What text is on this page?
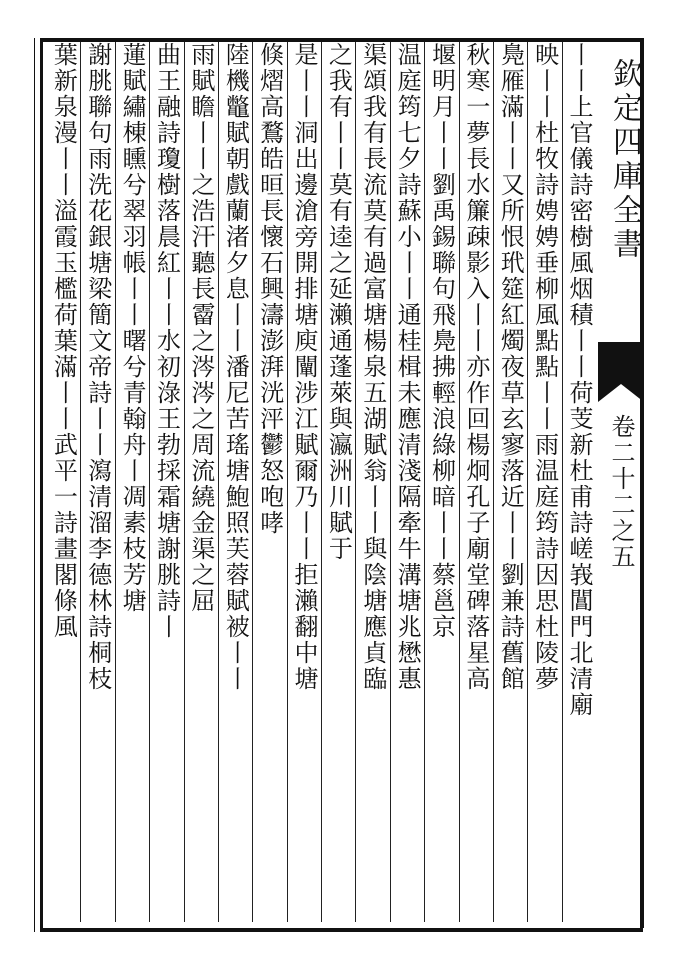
欽定四庫全書
卷二十二之五
丨丨上官儀詩密樹風烟積丨丨荷芰新杜甫詩嵯峩閶門北清廟
映丨丨杜牧詩娉娉垂柳風點點丨丨雨温庭筠詩因思杜陵夢
鳧雁滿丨丨又所恨玳筵紅燭夜草玄寥落近丨丨劉兼詩舊館
秋寒一夢長水簾疎影入丨丨亦作回楊炯孔子廟堂碑落星高
堰明月丨丨劉禹錫聯句飛鳧拂輕浪綠柳暗丨丨蔡邕京
温庭筠七夕詩蘇小丨丨通桂楫未應清淺隔牽牛溝塘兆懋惠
渠頌我有長流莫有過富塘楊泉五湖賦翁丨丨與陰塘應貞臨
之我有丨丨莫有逵之延瀨通蓬萊與瀛洲川賦于
是丨丨洞出邊滄旁開排塘庾闡涉江賦爾乃丨丨拒瀨翻中塘
倏熠高鶩皓晅長懷石興濤澎湃洸泙鬱怒咆哮
陸機鼈賦朝戲蘭渚夕息丨丨潘尼苦瑤塘鮑照芙蓉賦被丨丨
雨賦瞻丨丨之浩汗聽長霤之涔涔之周流繞金渠之屈
曲王融詩瓊樹落晨紅丨丨水初淥王勃採霜塘謝朓詩丨
蓮賦繡棟矄兮翠羽帳丨丨曙兮青翰舟丨凋素枝芳塘
謝朓聯句雨洗花銀塘梁簡文帝詩丨丨瀉清溜李德林詩桐枝
葉新泉漫丨丨溢霞玉檻荷葉滿丨丨武平一詩畫閣條風
